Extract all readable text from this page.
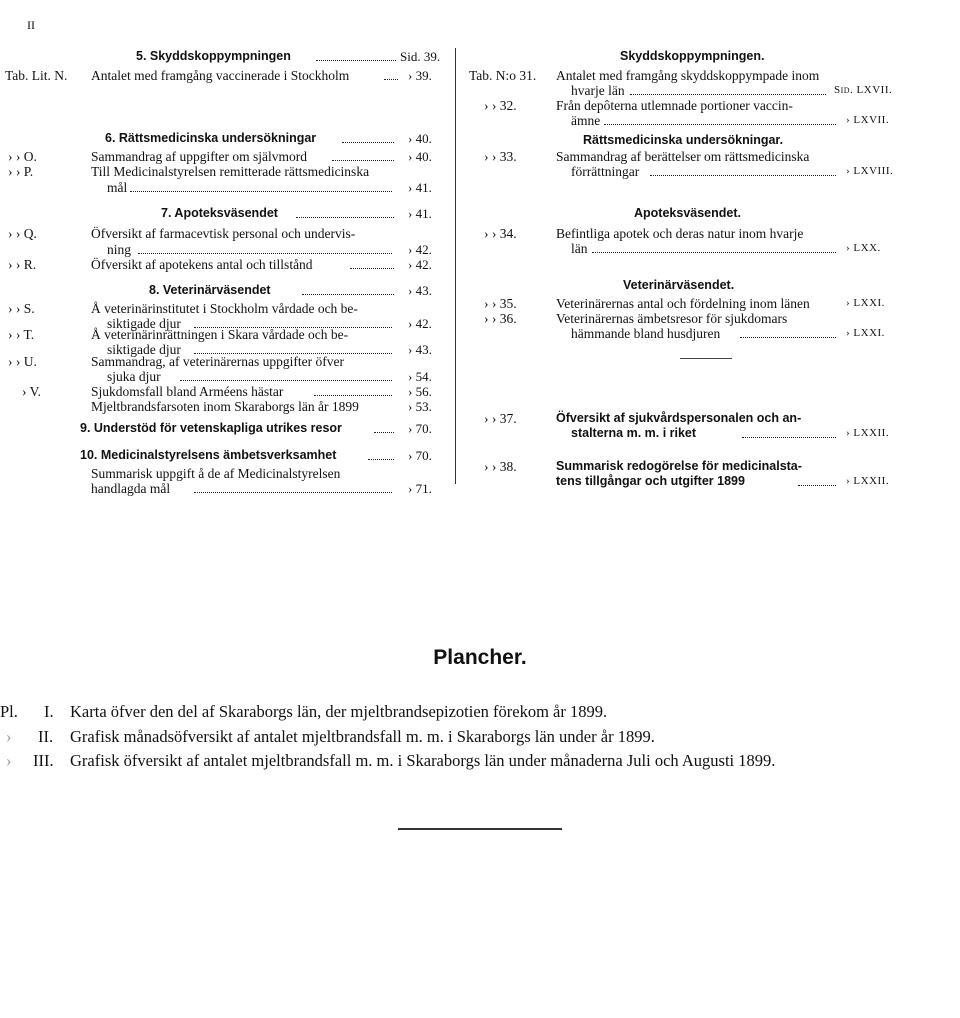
II
5. Skyddskoppympningen	Sid. 39.
Tab. Lit. N. Antalet med framgång vaccinerade i Stockholm	› 39.
6. Rättsmedicinska undersökningar	› 40.
› › O.	Sammandrag af uppgifter om självmord	› 40.
› › P.	Till Medicinalstyrelsen remitterade rättsmedicinska
mål	› 41.
7. Apoteksväsendet	› 41.
› › Q.	Öfversikt af farmacevtisk personal och undervis-
ning	› 42.
› › R.	Öfversikt af apotekens antal och tillstånd	› 42.
8. Veterinärväsendet	› 43.
› › S.	Å veterinärinstitutet i Stockholm vårdade och be-
siktigade djur	› 42.
› › T.	Å veterinärinrättningen i Skara vårdade och be-
siktigade djur	› 43.
› › U.	Sammandrag, af veterinärernas uppgifter öfver
sjuka djur	› 54.
› V.	Sjukdomsfall bland Arméens hästar	› 56.
Mjeltbrandsfarsoten inom Skaraborgs län år 1899	› 53.
9. Understöd för vetenskapliga utrikes resor	› 70.
10. Medicinalstyrelsens ämbetsverksamhet	› 70.
Summarisk uppgift å de af Medicinalstyrelsen
handlagda mål	› 71.
Skyddskoppympningen.
Tab. N:o 31. Antalet med framgång skyddskoppympade inom
hvarje län	Sid. LXVII.
› › 32.	Från depôterna utlemnade portioner vaccin-
ämne	› LXVII.
Rättsmedicinska undersökningar.
› › 33.	Sammandrag af berättelser om rättsmedicinska
förrättningar	› LXVIII.
Apoteksväsendet.
› › 34.	Befintliga apotek och deras natur inom hvarje
län	› LXX.
Veterinärväsendet.
› › 35.	Veterinärernas antal och fördelning inom länen	› LXXI.
› › 36.	Veterinärernas ämbetsresor för sjukdomars
hämmande bland husdjuren	› LXXI.
› › 37.	Öfversikt af sjukvårdspersonalen och an-
stalterna m. m. i riket	› LXXII.
› › 38.	Summarisk redogörelse för medicinalsta-
tens tillgångar och utgifter 1899	› LXXII.
Plancher.
Pl. I. Karta öfver den del af Skaraborgs län, der mjeltbrandsepizotien förekom år 1899.
› II. Grafisk månadsöfversikt af antalet mjeltbrandsfall m. m. i Skaraborgs län under år 1899.
› III. Grafisk öfversikt af antalet mjeltbrandsfall m. m. i Skaraborgs län under månaderna Juli och Augusti 1899.
